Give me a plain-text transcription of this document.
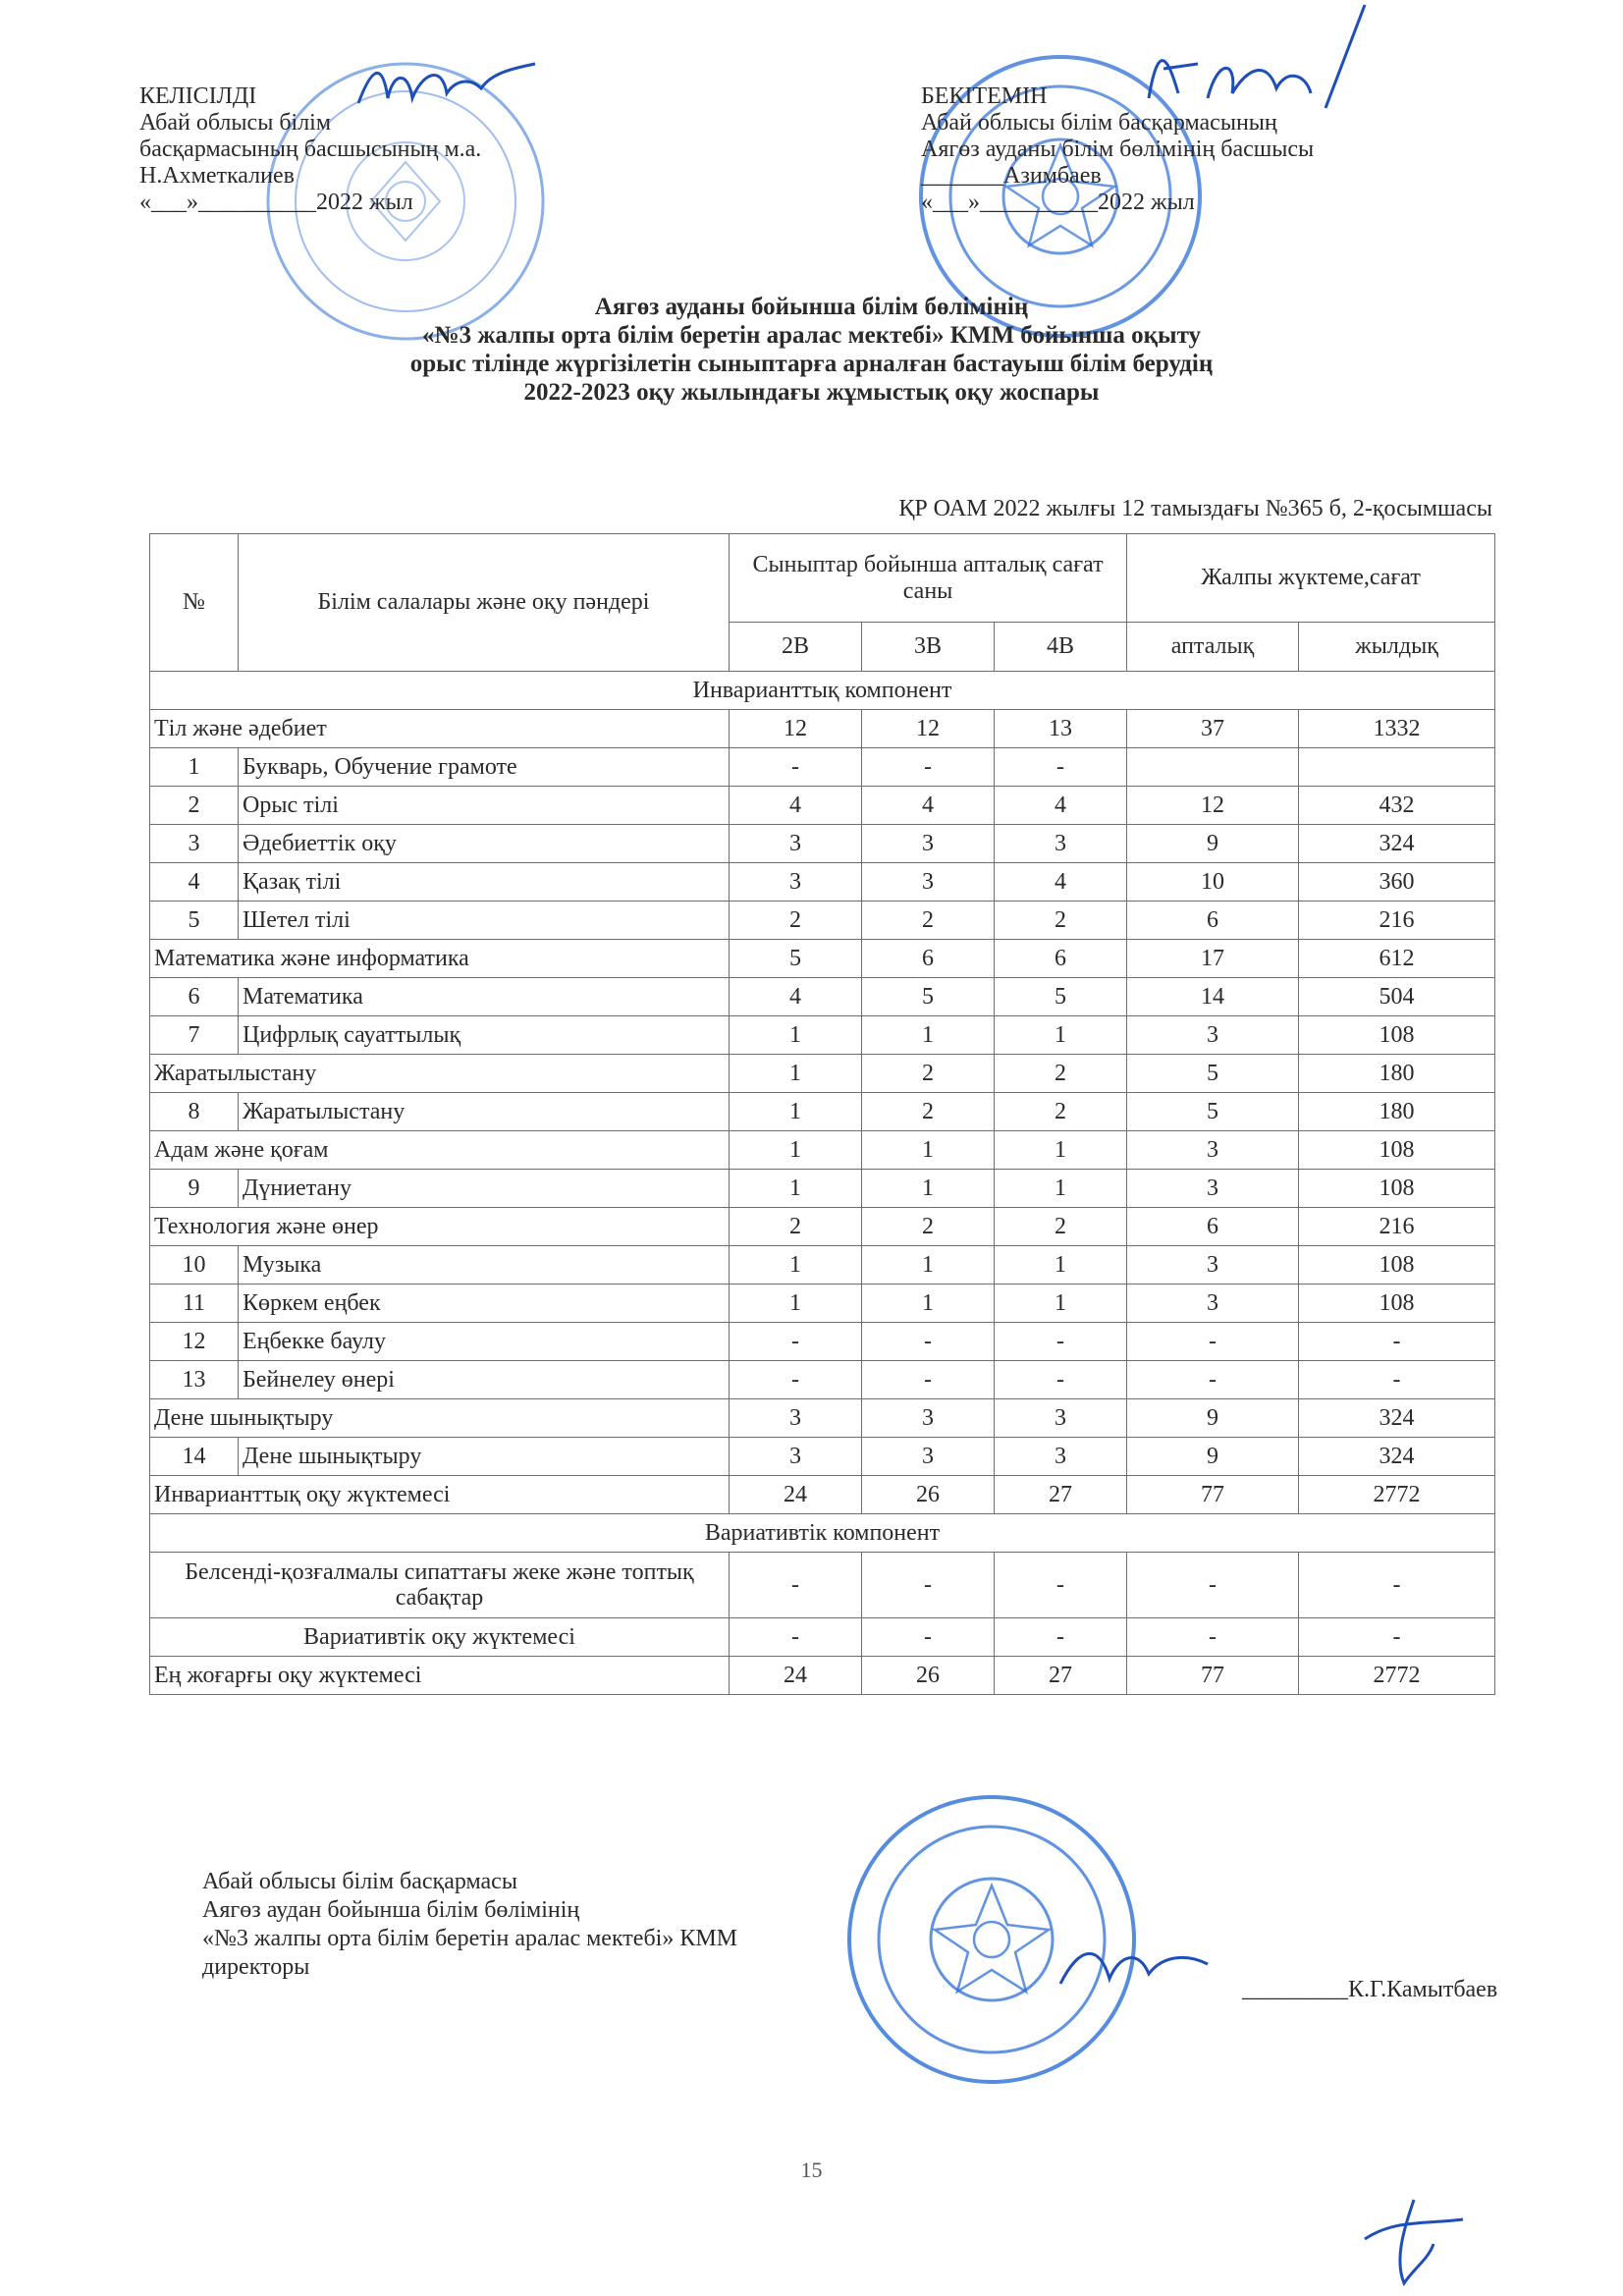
КЕЛІСІЛДІ
Абай облысы білім
басқармасының басшысының м.а.
Н.Ахметкалиев
«___»__________2022 жыл
БЕКІТЕМІН
Абай облысы білім басқармасының
Аягөз ауданы білім бөлімінің басшысы
_______Азимбаев
«___»__________2022 жыл
Аягөз ауданы бойынша білім бөлімінің
«№3 жалпы орта білім беретін аралас мектебі» КММ бойынша оқыту
орыс тілінде жүргізілетін сыныптарға арналған бастауыш білім берудің
2022-2023 оқу жылындағы жұмыстық оқу жоспары
ҚР ОАМ 2022 жылғы 12 тамыздағы №365 б, 2-қосымшасы
№	Білім салалары және оқу пәндері	Сыныптар бойынша апталық сағат саны			Жалпы жүктеме,сағат	
		2В	3В	4В	апталық	жылдық
Инварианттық компонент						
Тіл және әдебиет		12	12	13	37	1332
1	Букварь, Обучение грамоте	-	-	-		
2	Орыс тілі	4	4	4	12	432
3	Әдебиеттік оқу	3	3	3	9	324
4	Қазақ тілі	3	3	4	10	360
5	Шетел тілі	2	2	2	6	216
Математика және информатика		5	6	6	17	612
6	Математика	4	5	5	14	504
7	Цифрлық сауаттылық	1	1	1	3	108
Жаратылыстану		1	2	2	5	180
8	Жаратылыстану	1	2	2	5	180
Адам және қоғам		1	1	1	3	108
9	Дүниетану	1	1	1	3	108
Технология және өнер		2	2	2	6	216
10	Музыка	1	1	1	3	108
11	Көркем еңбек	1	1	1	3	108
12	Еңбекке баулу	-	-	-	-	-
13	Бейнелеу өнері	-	-	-	-	-
Дене шынықтыру		3	3	3	9	324
14	Дене шынықтыру	3	3	3	9	324
Инварианттық оқу жүктемесі		24	26	27	77	2772
Вариативтік компонент						
Белсенді-қозғалмалы сипаттағы жеке және топтық сабақтар		-	-	-	-	-
Вариативтік оқу жүктемесі		-	-	-	-	-
Ең жоғарғы оқу жүктемесі		24	26	27	77	2772
Абай облысы білім басқармасы
Аягөз аудан бойынша білім бөлімінің
«№3 жалпы орта білім беретін аралас мектебі» КММ
директоры
_________К.Г.Камытбаев
15
